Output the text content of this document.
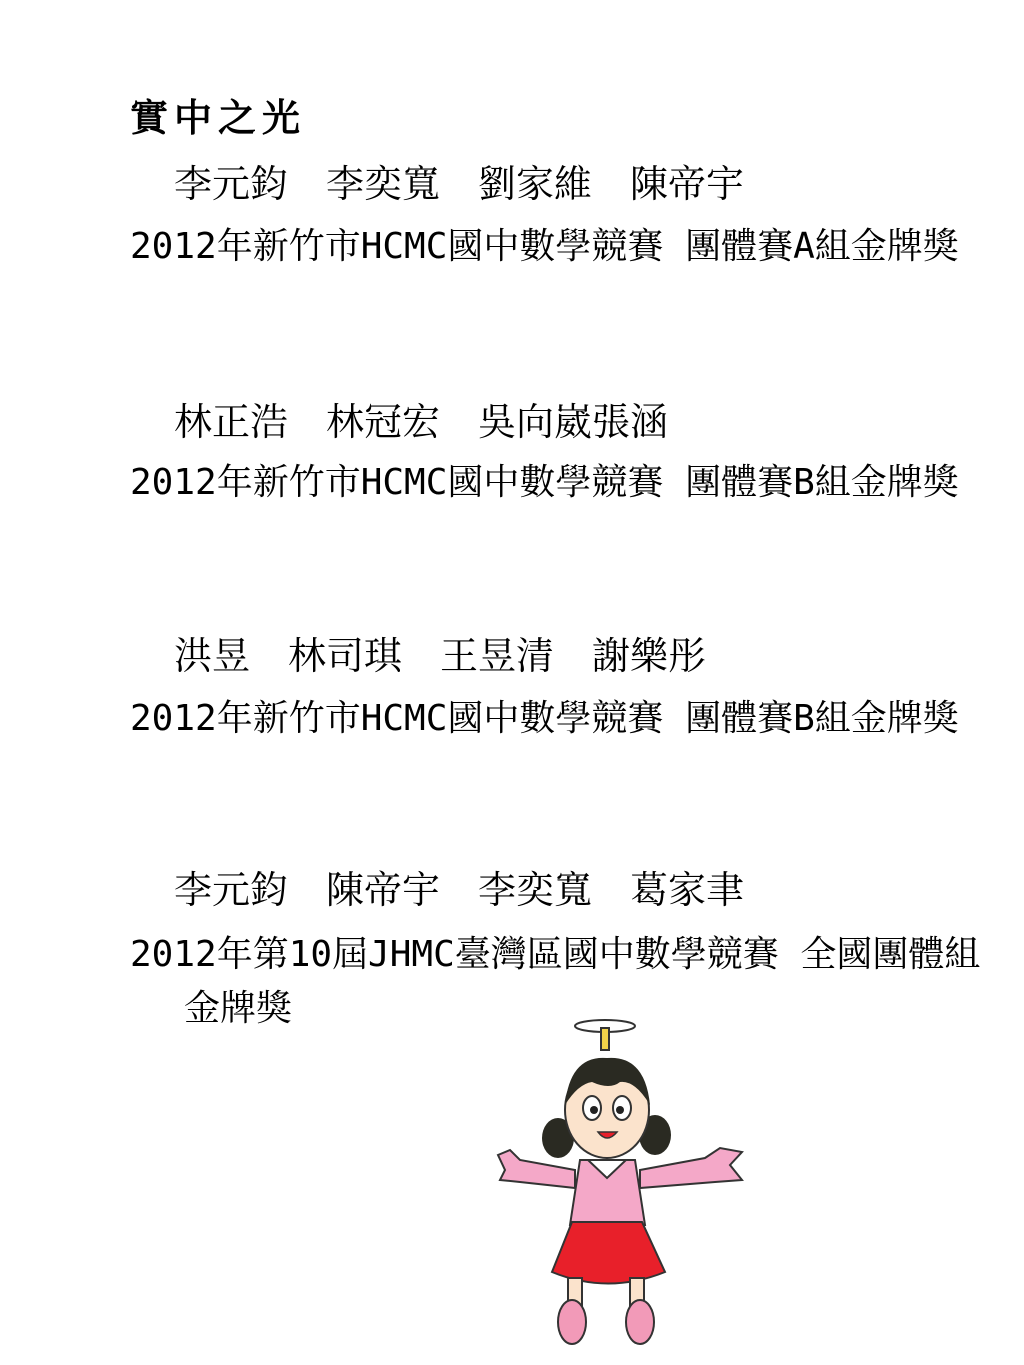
實中之光
李元鈞　李奕寬　劉家維　陳帝宇
2012年新竹市HCMC國中數學競賽 團體賽A組金牌獎
林正浩　林冠宏　吳向崴張涵
2012年新竹市HCMC國中數學競賽 團體賽B組金牌獎
洪昱　林司琪　王昱清　謝樂彤
2012年新竹市HCMC國中數學競賽 團體賽B組金牌獎
李元鈞　陳帝宇　李奕寬　葛家聿
2012年第10屆JHMC臺灣區國中數學競賽 全國團體組金牌獎
